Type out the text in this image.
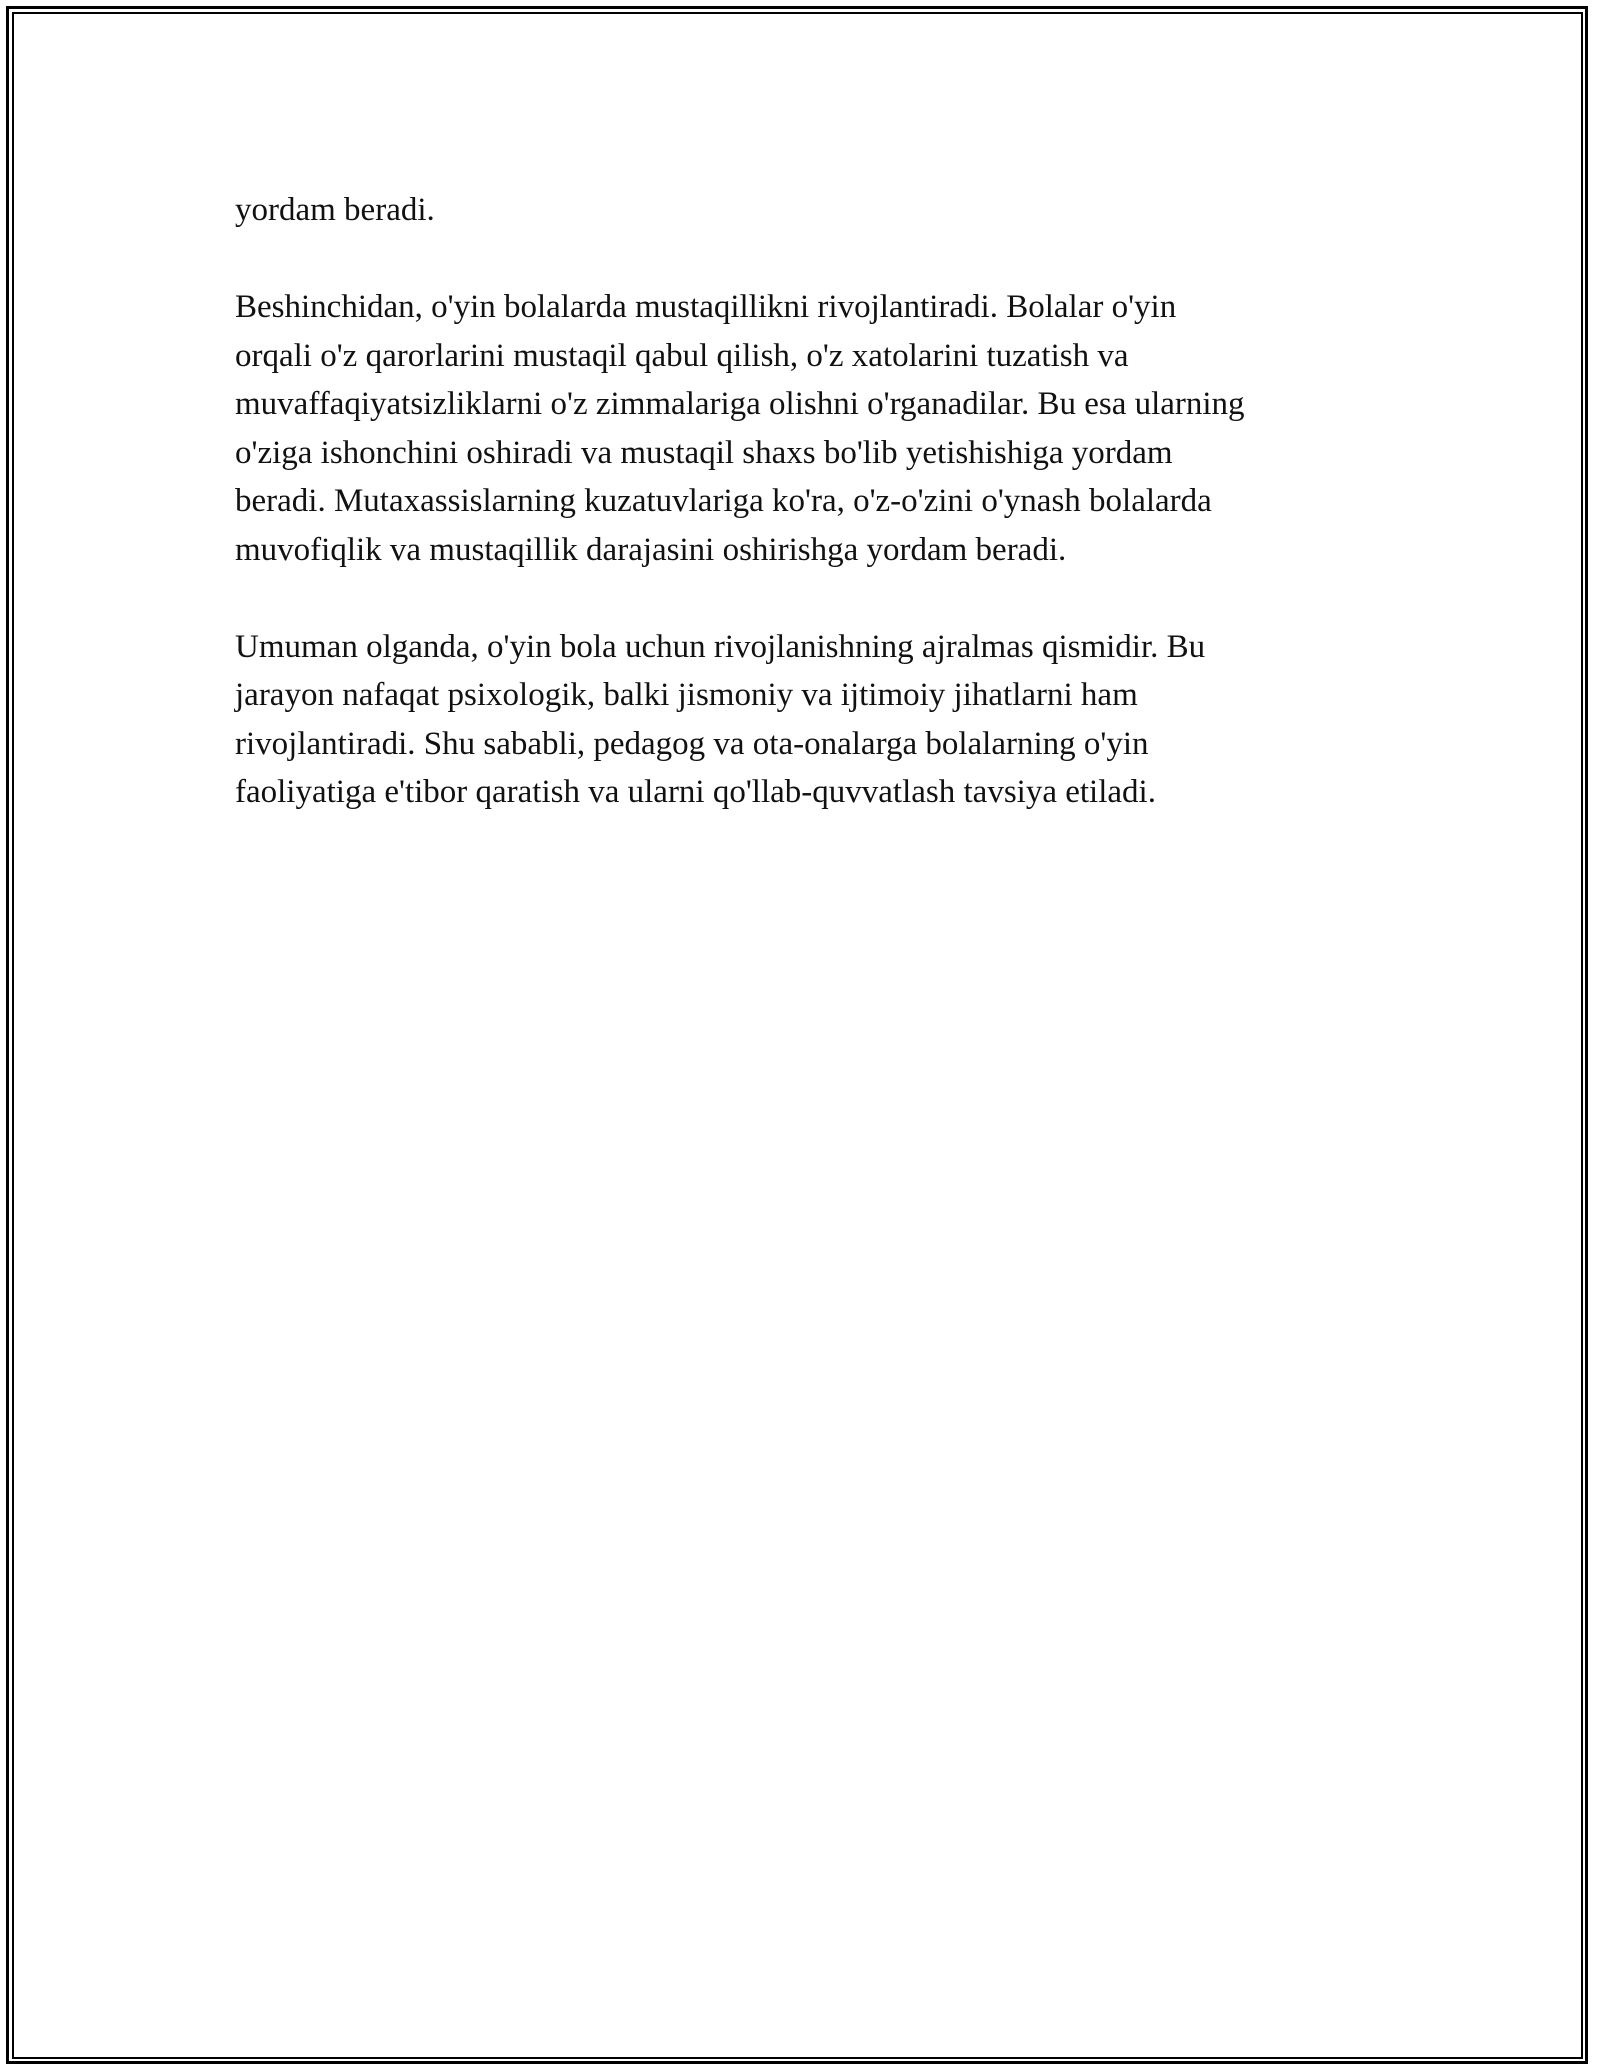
yordam beradi.
Beshinchidan, o'yin bolalarda mustaqillikni rivojlantiradi. Bolalar o'yin
orqali o'z qarorlarini mustaqil qabul qilish, o'z xatolarini tuzatish va
muvaffaqiyatsizliklarni o'z zimmalariga olishni o'rganadilar. Bu esa ularning
o'ziga ishonchini oshiradi va mustaqil shaxs bo'lib yetishishiga yordam
beradi. Mutaxassislarning kuzatuvlariga ko'ra, o'z-o'zini o'ynash bolalarda
muvofiqlik va mustaqillik darajasini oshirishga yordam beradi.
Umuman olganda, o'yin bola uchun rivojlanishning ajralmas qismidir. Bu
jarayon nafaqat psixologik, balki jismoniy va ijtimoiy jihatlarni ham
rivojlantiradi. Shu sababli, pedagog va ota-onalarga bolalarning o'yin
faoliyatiga e'tibor qaratish va ularni qo'llab-quvvatlash tavsiya etiladi.
